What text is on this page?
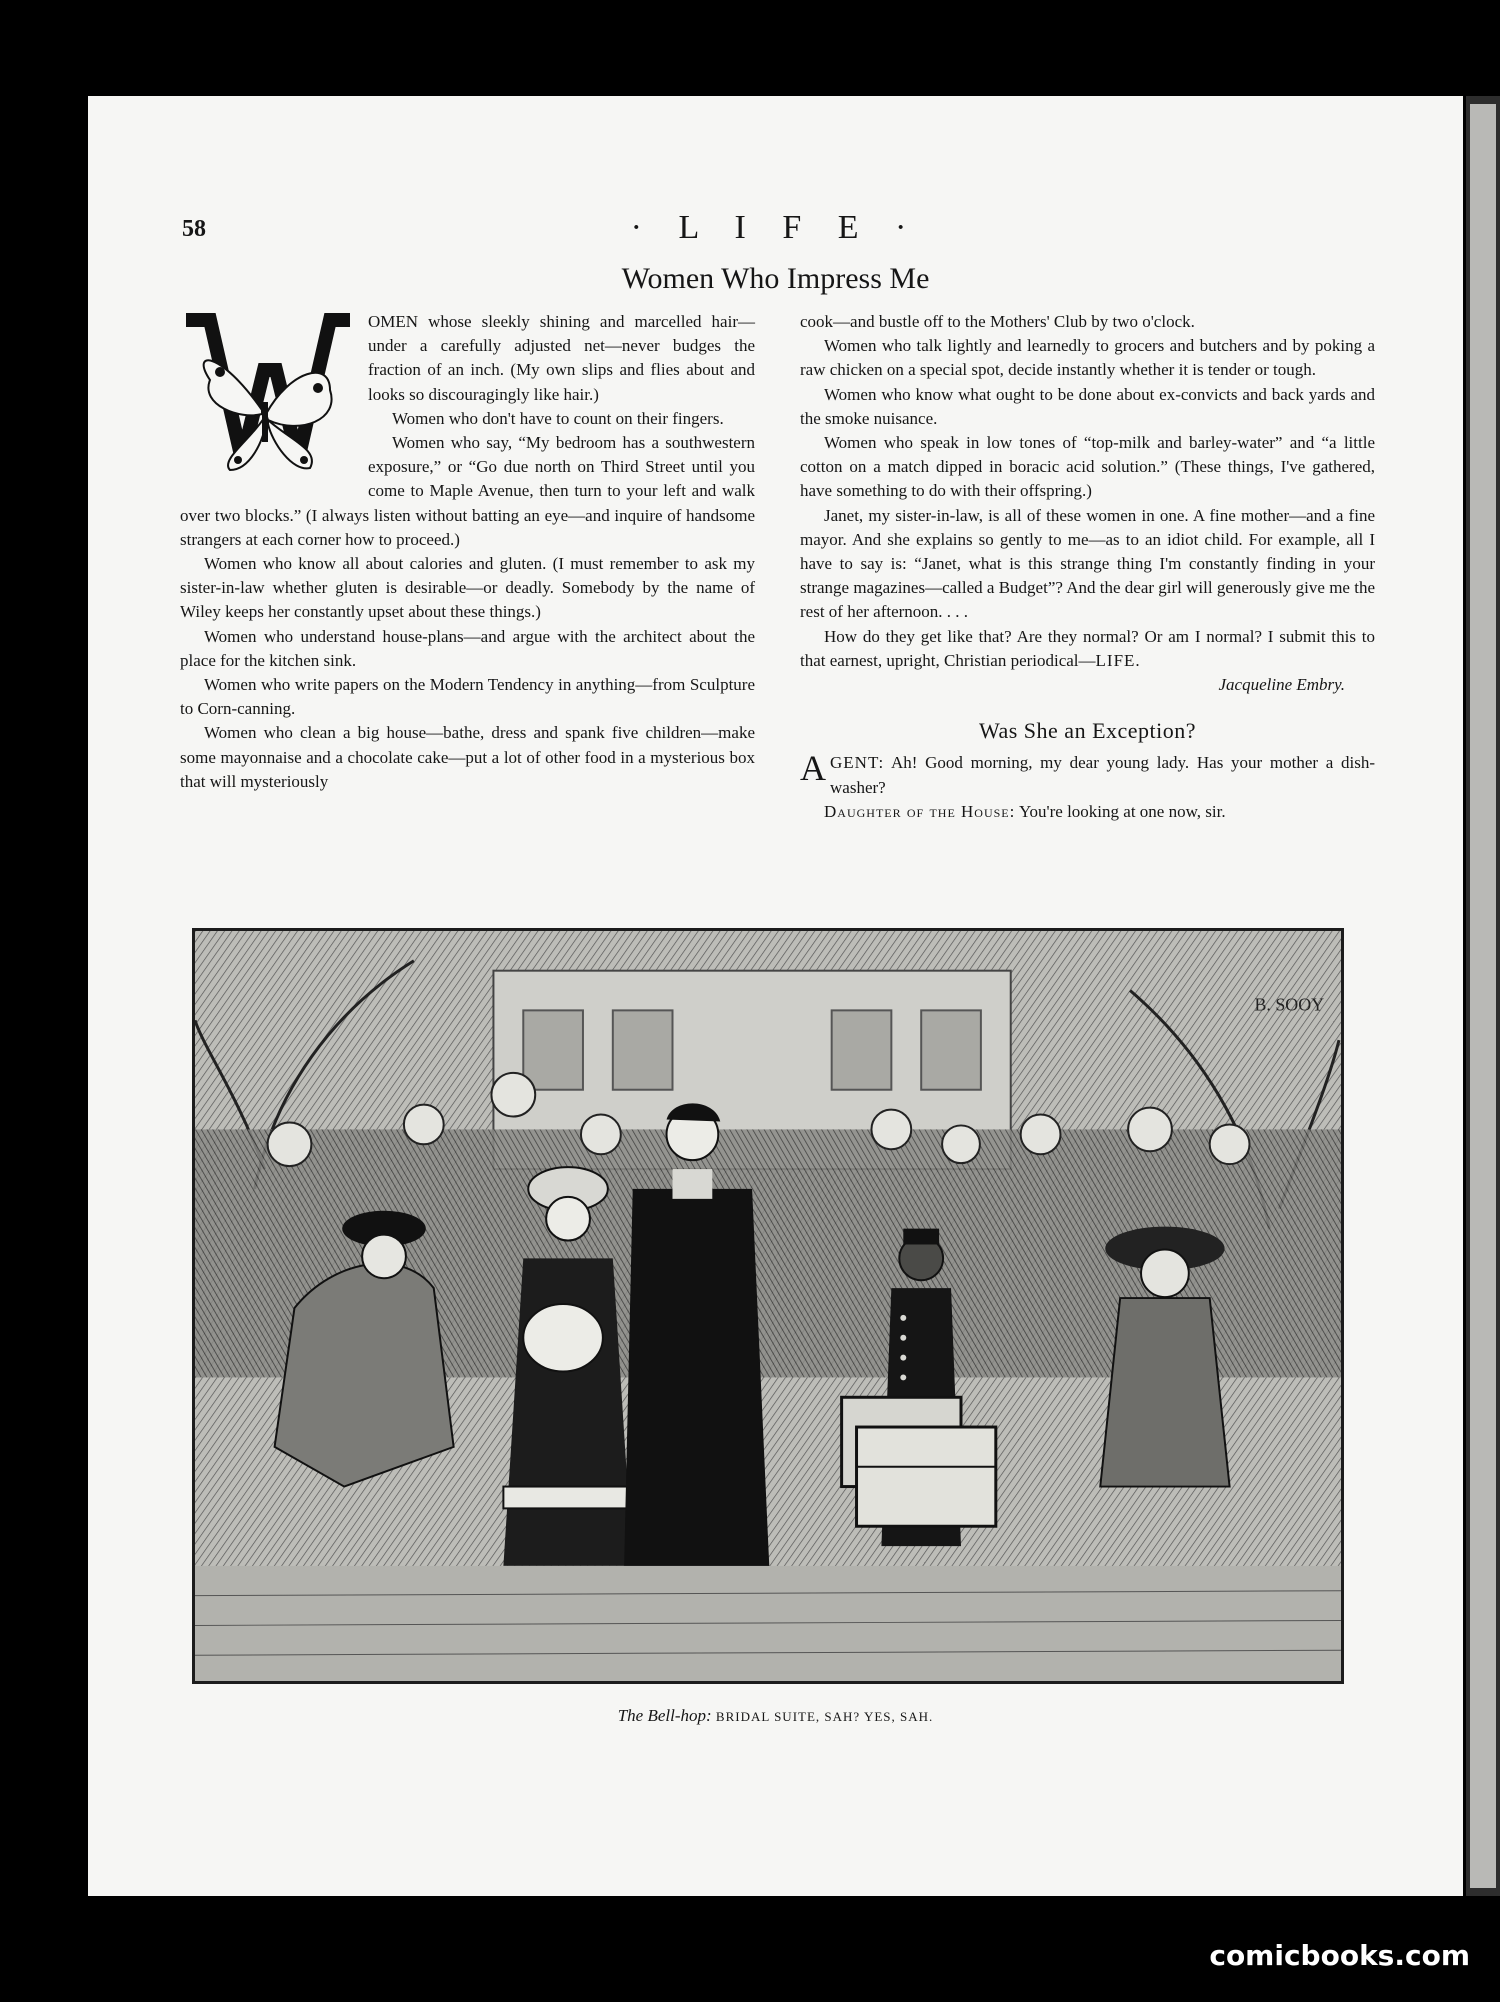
58	· L I F E ·
Women Who Impress Me

OMEN whose sleekly shining and marcelled hair—under a carefully adjusted net—never budges the fraction of an inch. (My own slips and flies about and looks so discouragingly like hair.)

Women who don't have to count on their fingers.

Women who say, “My bedroom has a southwestern exposure,” or “Go due north on Third Street until you come to Maple Avenue, then turn to your left and walk over two blocks.” (I always listen without batting an eye—and inquire of handsome strangers at each corner how to proceed.)

Women who know all about calories and gluten. (I must remember to ask my sister-in-law whether gluten is desirable—or deadly. Somebody by the name of Wiley keeps her constantly upset about these things.)

Women who understand house-plans—and argue with the architect about the place for the kitchen sink.

Women who write papers on the Modern Tendency in anything—from Sculpture to Corn-canning.

Women who clean a big house—bathe, dress and spank five children—make some mayonnaise and a chocolate cake—put a lot of other food in a mysterious box that will mysteriously

cook—and bustle off to the Mothers' Club by two o'clock.

Women who talk lightly and learnedly to grocers and butchers and by poking a raw chicken on a special spot, decide instantly whether it is tender or tough.

Women who know what ought to be done about ex-convicts and back yards and the smoke nuisance.

Women who speak in low tones of “top-milk and barley-water” and “a little cotton on a match dipped in boracic acid solution.” (These things, I've gathered, have something to do with their offspring.)

Janet, my sister-in-law, is all of these women in one. A fine mother—and a fine mayor. And she explains so gently to me—as to an idiot child. For example, all I have to say is: “Janet, what is this strange thing I'm constantly finding in your strange magazines—called a Budget”? And the dear girl will generously give me the rest of her afternoon. . . .

How do they get like that? Are they normal? Or am I normal? I submit this to that earnest, upright, Christian periodical—LIFE.

Jacqueline Embry.

Was She an Exception?

AGENT: Ah! Good morning, my dear young lady. Has your mother a dish-washer?

Daughter of the House: You're looking at one now, sir.

B. SOOY
The Bell-hop: BRIDAL SUITE, SAH? YES, SAH.
comicbooks.com
